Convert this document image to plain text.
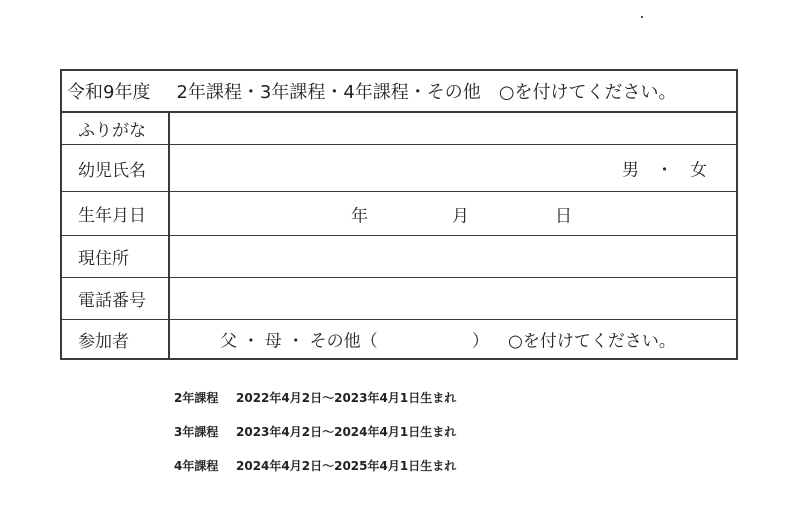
令和9年度 2年課程・3年課程・4年課程・その他 ○を付けてください。
ふりがな
幼児氏名	男　・　女
生年月日	年	月	日
現住所
電話番号
参加者	父 ・ 母 ・ その他（	） ○を付けてください。
2年課程 2022年4月2日～2023年4月1日生まれ
3年課程 2023年4月2日～2024年4月1日生まれ
4年課程 2024年4月2日～2025年4月1日生まれ
